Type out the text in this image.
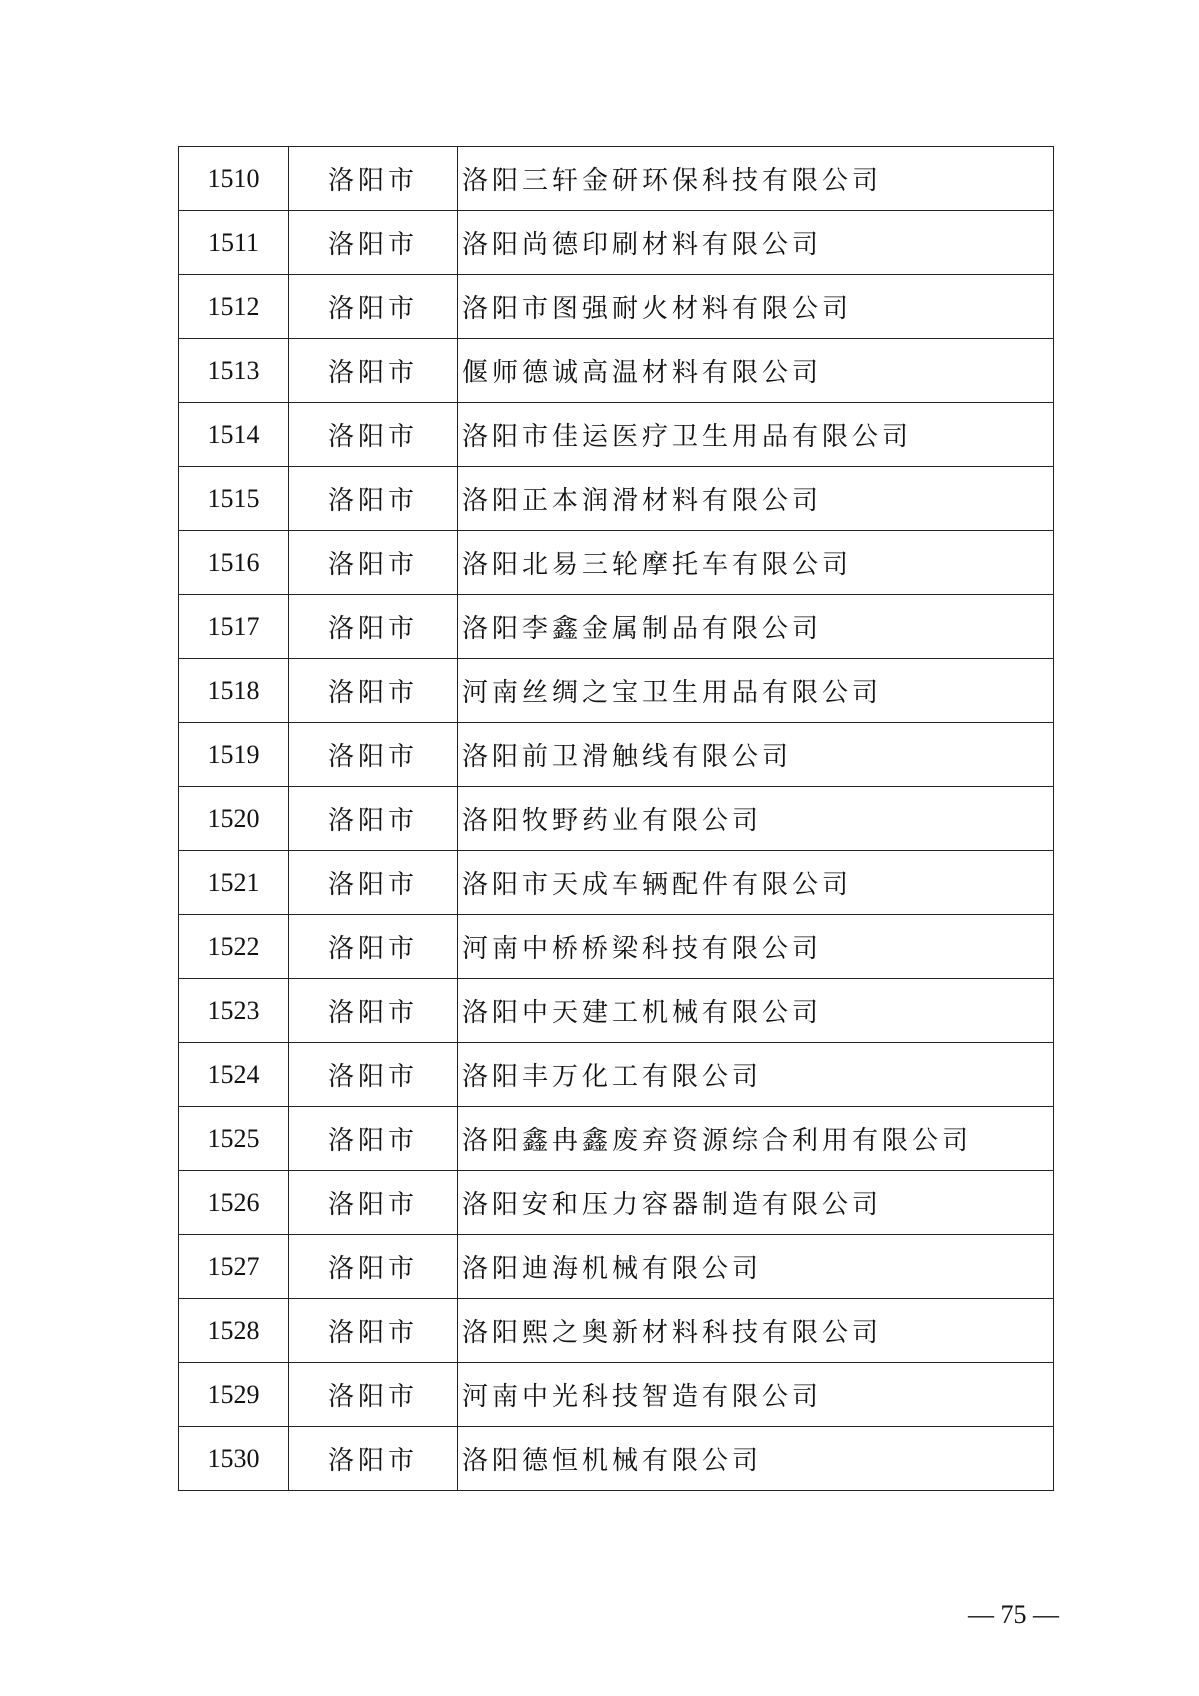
1510	洛阳市	洛阳三轩金研环保科技有限公司
1511	洛阳市	洛阳尚德印刷材料有限公司
1512	洛阳市	洛阳市图强耐火材料有限公司
1513	洛阳市	偃师德诚高温材料有限公司
1514	洛阳市	洛阳市佳运医疗卫生用品有限公司
1515	洛阳市	洛阳正本润滑材料有限公司
1516	洛阳市	洛阳北易三轮摩托车有限公司
1517	洛阳市	洛阳李鑫金属制品有限公司
1518	洛阳市	河南丝绸之宝卫生用品有限公司
1519	洛阳市	洛阳前卫滑触线有限公司
1520	洛阳市	洛阳牧野药业有限公司
1521	洛阳市	洛阳市天成车辆配件有限公司
1522	洛阳市	河南中桥桥梁科技有限公司
1523	洛阳市	洛阳中天建工机械有限公司
1524	洛阳市	洛阳丰万化工有限公司
1525	洛阳市	洛阳鑫冉鑫废弃资源综合利用有限公司
1526	洛阳市	洛阳安和压力容器制造有限公司
1527	洛阳市	洛阳迪海机械有限公司
1528	洛阳市	洛阳熙之奥新材料科技有限公司
1529	洛阳市	河南中光科技智造有限公司
1530	洛阳市	洛阳德恒机械有限公司
— 75 —
